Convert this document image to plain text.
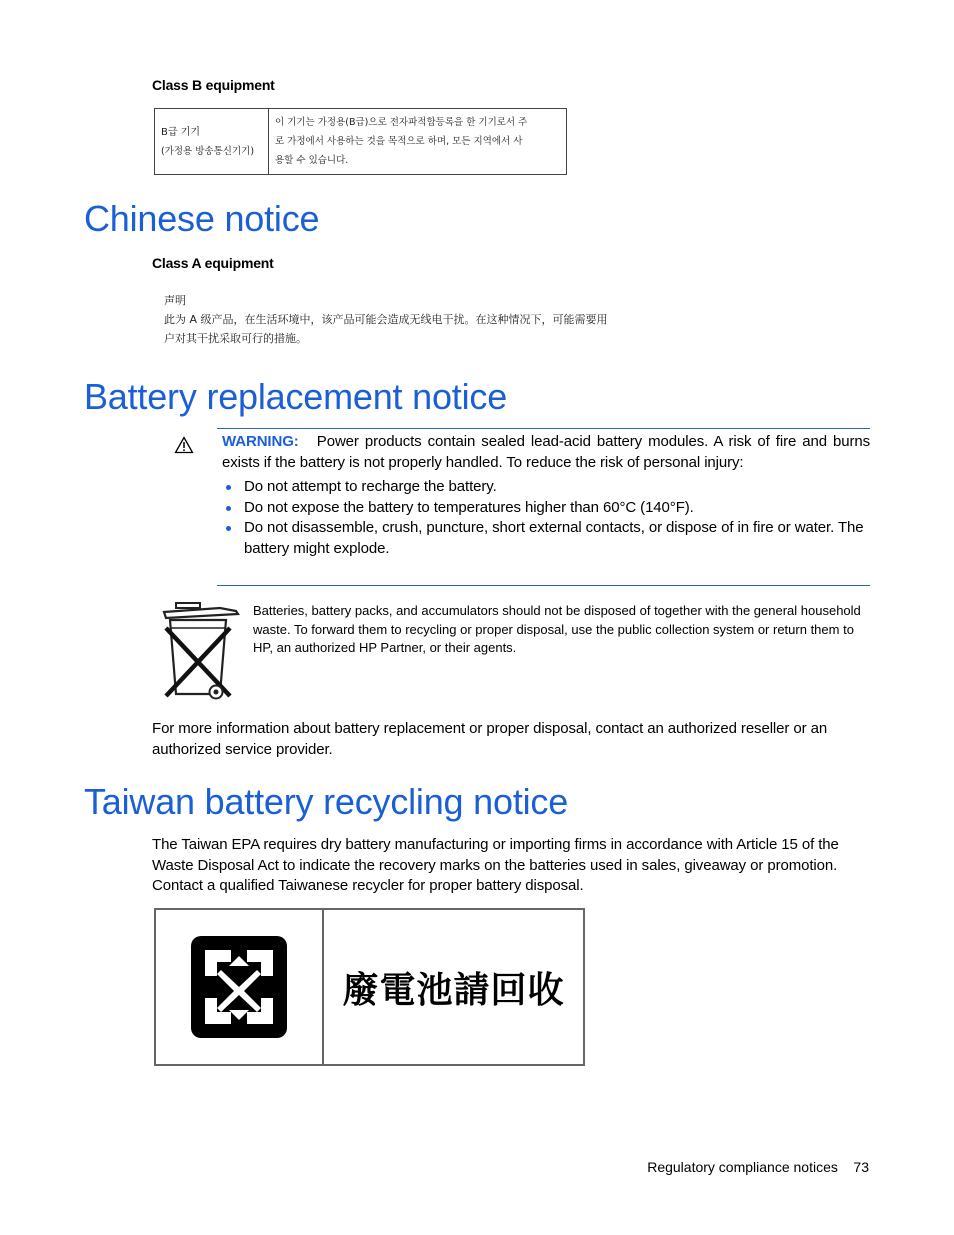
Class B equipment
B급 기기
(가정용 방송통신기기)

이 기기는 가정용(B급)으로 전자파적합등록을 한 기기로서 주
로 가정에서 사용하는 것을 목적으로 하며, 모든 지역에서 사
용할 수 있습니다.
Chinese notice
Class A equipment
声明
此为 A 级产品，在生活环境中，该产品可能会造成无线电干扰。在这种情况下，可能需要用
户对其干扰采取可行的措施。
Battery replacement notice
WARNING: Power products contain sealed lead-acid battery modules. A risk of fire and burns exists if the battery is not properly handled. To reduce the risk of personal injury:
Do not attempt to recharge the battery.
Do not expose the battery to temperatures higher than 60°C (140°F).
Do not disassemble, crush, puncture, short external contacts, or dispose of in fire or water. The battery might explode.
Batteries, battery packs, and accumulators should not be disposed of together with the general household waste. To forward them to recycling or proper disposal, use the public collection system or return them to HP, an authorized HP Partner, or their agents.
For more information about battery replacement or proper disposal, contact an authorized reseller or an authorized service provider.
Taiwan battery recycling notice
The Taiwan EPA requires dry battery manufacturing or importing firms in accordance with Article 15 of the Waste Disposal Act to indicate the recovery marks on the batteries used in sales, giveaway or promotion. Contact a qualified Taiwanese recycler for proper battery disposal.

廢電池請回收
Regulatory compliance notices 73
